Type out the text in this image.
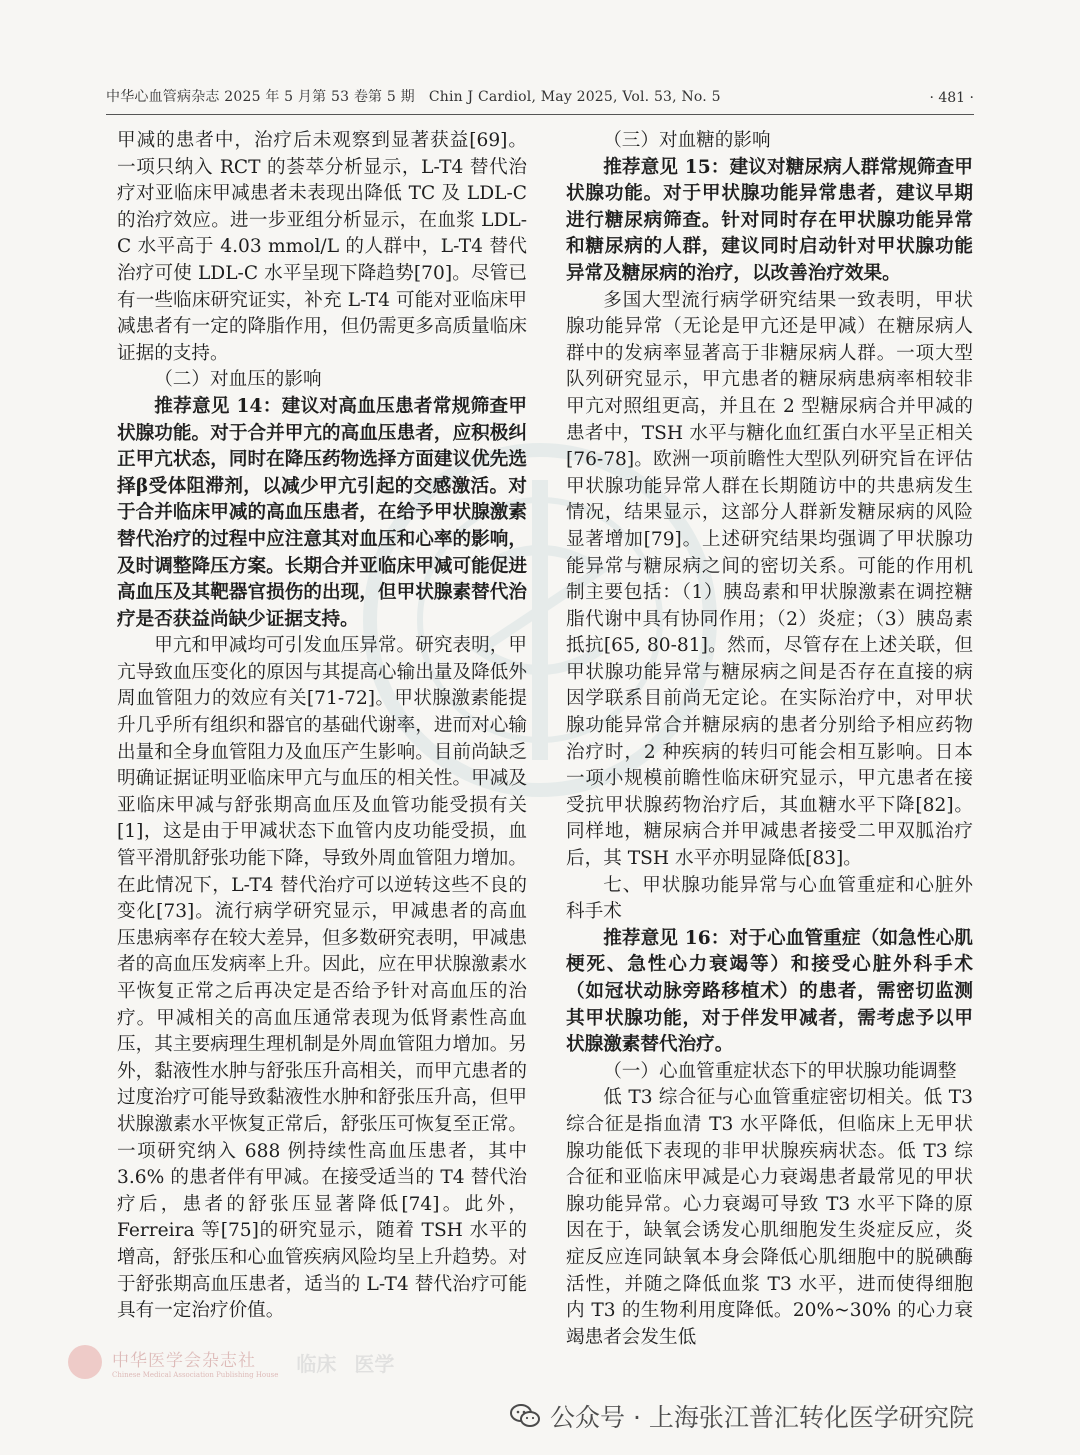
中华心血管病杂志 2025 年 5 月第 53 卷第 5 期 Chin J Cardiol, May 2025, Vol. 53, No. 5	· 481 ·

甲减的患者中，治疗后未观察到显著获益[69]。一项只纳入 RCT 的荟萃分析显示，L-T4 替代治疗对亚临床甲减患者未表现出降低 TC 及 LDL-C 的治疗效应。进一步亚组分析显示，在血浆 LDL-C 水平高于 4.03 mmol/L 的人群中，L-T4 替代治疗可使 LDL-C 水平呈现下降趋势[70]。尽管已有一些临床研究证实，补充 L-T4 可能对亚临床甲减患者有一定的降脂作用，但仍需更多高质量临床证据的支持。

（二）对血压的影响

推荐意见 14：建议对高血压患者常规筛查甲状腺功能。对于合并甲亢的高血压患者，应积极纠正甲亢状态，同时在降压药物选择方面建议优先选择β受体阻滞剂，以减少甲亢引起的交感激活。对于合并临床甲减的高血压患者，在给予甲状腺激素替代治疗的过程中应注意其对血压和心率的影响，及时调整降压方案。长期合并亚临床甲减可能促进高血压及其靶器官损伤的出现，但甲状腺素替代治疗是否获益尚缺少证据支持。

甲亢和甲减均可引发血压异常。研究表明，甲亢导致血压变化的原因与其提高心输出量及降低外周血管阻力的效应有关[71-72]。甲状腺激素能提升几乎所有组织和器官的基础代谢率，进而对心输出量和全身血管阻力及血压产生影响。目前尚缺乏明确证据证明亚临床甲亢与血压的相关性。甲减及亚临床甲减与舒张期高血压及血管功能受损有关[1]，这是由于甲减状态下血管内皮功能受损，血管平滑肌舒张功能下降，导致外周血管阻力增加。在此情况下，L-T4 替代治疗可以逆转这些不良的变化[73]。流行病学研究显示，甲减患者的高血压患病率存在较大差异，但多数研究表明，甲减患者的高血压发病率上升。因此，应在甲状腺激素水平恢复正常之后再决定是否给予针对高血压的治疗。甲减相关的高血压通常表现为低肾素性高血压，其主要病理生理机制是外周血管阻力增加。另外，黏液性水肿与舒张压升高相关，而甲亢患者的过度治疗可能导致黏液性水肿和舒张压升高，但甲状腺激素水平恢复正常后，舒张压可恢复至正常。一项研究纳入 688 例持续性高血压患者，其中 3.6% 的患者伴有甲减。在接受适当的 T4 替代治疗后，患者的舒张压显著降低[74]。此外，Ferreira 等[75]的研究显示，随着 TSH 水平的增高，舒张压和心血管疾病风险均呈上升趋势。对于舒张期高血压患者，适当的 L-T4 替代治疗可能具有一定治疗价值。

（三）对血糖的影响

推荐意见 15：建议对糖尿病人群常规筛查甲状腺功能。对于甲状腺功能异常患者，建议早期进行糖尿病筛查。针对同时存在甲状腺功能异常和糖尿病的人群，建议同时启动针对甲状腺功能异常及糖尿病的治疗，以改善治疗效果。

多国大型流行病学研究结果一致表明，甲状腺功能异常（无论是甲亢还是甲减）在糖尿病人群中的发病率显著高于非糖尿病人群。一项大型队列研究显示，甲亢患者的糖尿病患病率相较非甲亢对照组更高，并且在 2 型糖尿病合并甲减的患者中，TSH 水平与糖化血红蛋白水平呈正相关[76-78]。欧洲一项前瞻性大型队列研究旨在评估甲状腺功能异常人群在长期随访中的共患病发生情况，结果显示，这部分人群新发糖尿病的风险显著增加[79]。上述研究结果均强调了甲状腺功能异常与糖尿病之间的密切关系。可能的作用机制主要包括：（1）胰岛素和甲状腺激素在调控糖脂代谢中具有协同作用；（2）炎症；（3）胰岛素抵抗[65, 80-81]。然而，尽管存在上述关联，但甲状腺功能异常与糖尿病之间是否存在直接的病因学联系目前尚无定论。在实际治疗中，对甲状腺功能异常合并糖尿病的患者分别给予相应药物治疗时，2 种疾病的转归可能会相互影响。日本一项小规模前瞻性临床研究显示，甲亢患者在接受抗甲状腺药物治疗后，其血糖水平下降[82]。同样地，糖尿病合并甲减患者接受二甲双胍治疗后，其 TSH 水平亦明显降低[83]。

七、甲状腺功能异常与心血管重症和心脏外科手术

推荐意见 16：对于心血管重症（如急性心肌梗死、急性心力衰竭等）和接受心脏外科手术（如冠状动脉旁路移植术）的患者，需密切监测其甲状腺功能，对于伴发甲减者，需考虑予以甲状腺激素替代治疗。

（一）心血管重症状态下的甲状腺功能调整

低 T3 综合征与心血管重症密切相关。低 T3 综合征是指血清 T3 水平降低，但临床上无甲状腺功能低下表现的非甲状腺疾病状态。低 T3 综合征和亚临床甲减是心力衰竭患者最常见的甲状腺功能异常。心力衰竭可导致 T3 水平下降的原因在于，缺氧会诱发心肌细胞发生炎症反应，炎症反应连同缺氧本身会降低心肌细胞中的脱碘酶活性，并随之降低血浆 T3 水平，进而使得细胞内 T3 的生物利用度降低。20%~30% 的心力衰竭患者会发生低

中华医学会杂志社
Chinese Medical Association Publishing House 临床 医学
公众号 · 上海张江普汇转化医学研究院
